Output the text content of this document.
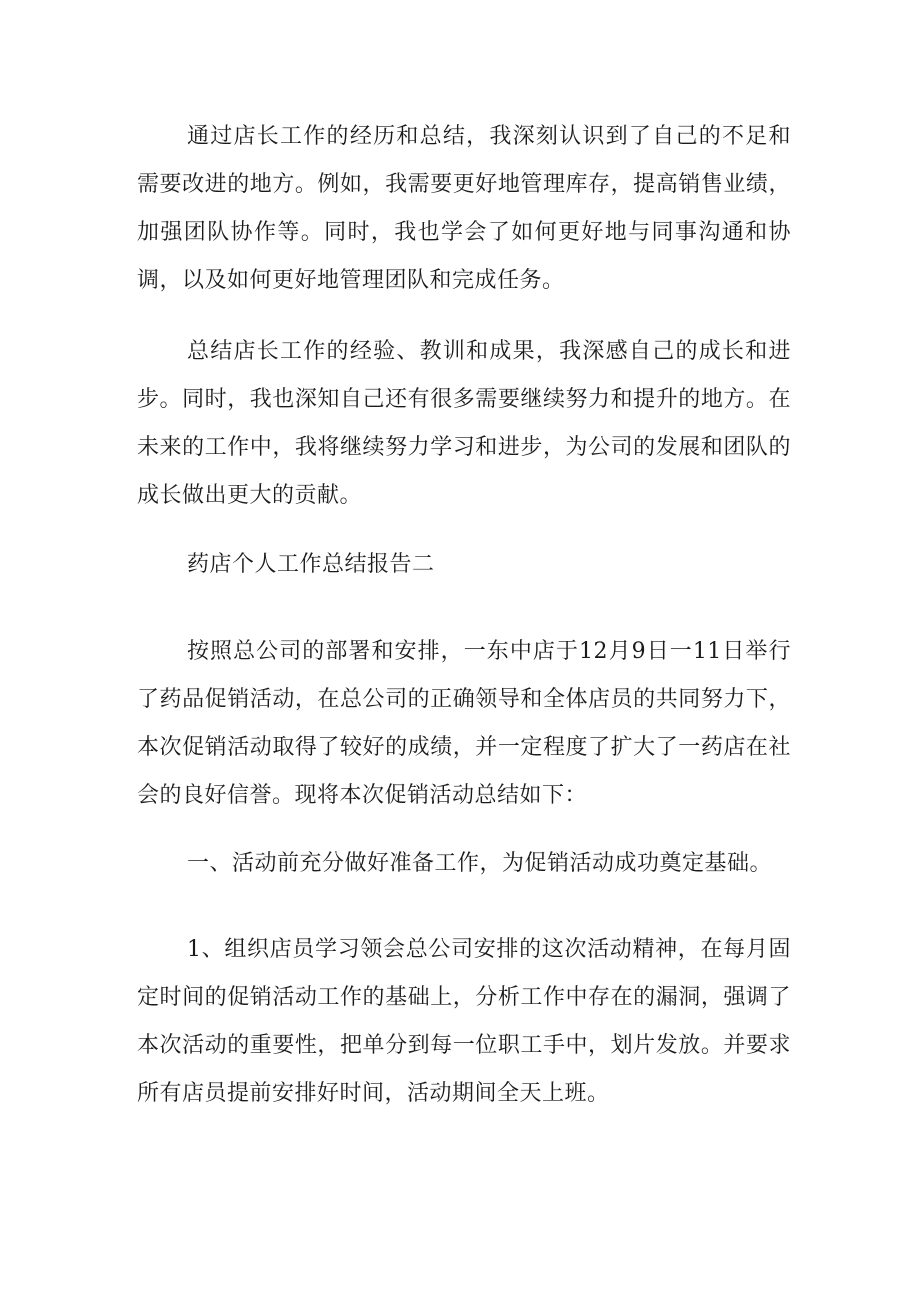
通过店长工作的经历和总结，我深刻认识到了自己的不足和需要改进的地方。例如，我需要更好地管理库存，提高销售业绩，加强团队协作等。同时，我也学会了如何更好地与同事沟通和协调，以及如何更好地管理团队和完成任务。

总结店长工作的经验、教训和成果，我深感自己的成长和进步。同时，我也深知自己还有很多需要继续努力和提升的地方。在未来的工作中，我将继续努力学习和进步，为公司的发展和团队的成长做出更大的贡献。

药店个人工作总结报告二

按照总公司的部署和安排，一东中店于12月9日一11日举行了药品促销活动，在总公司的正确领导和全体店员的共同努力下，本次促销活动取得了较好的成绩，并一定程度了扩大了一药店在社会的良好信誉。现将本次促销活动总结如下：

一、活动前充分做好准备工作，为促销活动成功奠定基础。

1、组织店员学习领会总公司安排的这次活动精神，在每月固定时间的促销活动工作的基础上，分析工作中存在的漏洞，强调了本次活动的重要性，把单分到每一位职工手中，划片发放。并要求所有店员提前安排好时间，活动期间全天上班。
